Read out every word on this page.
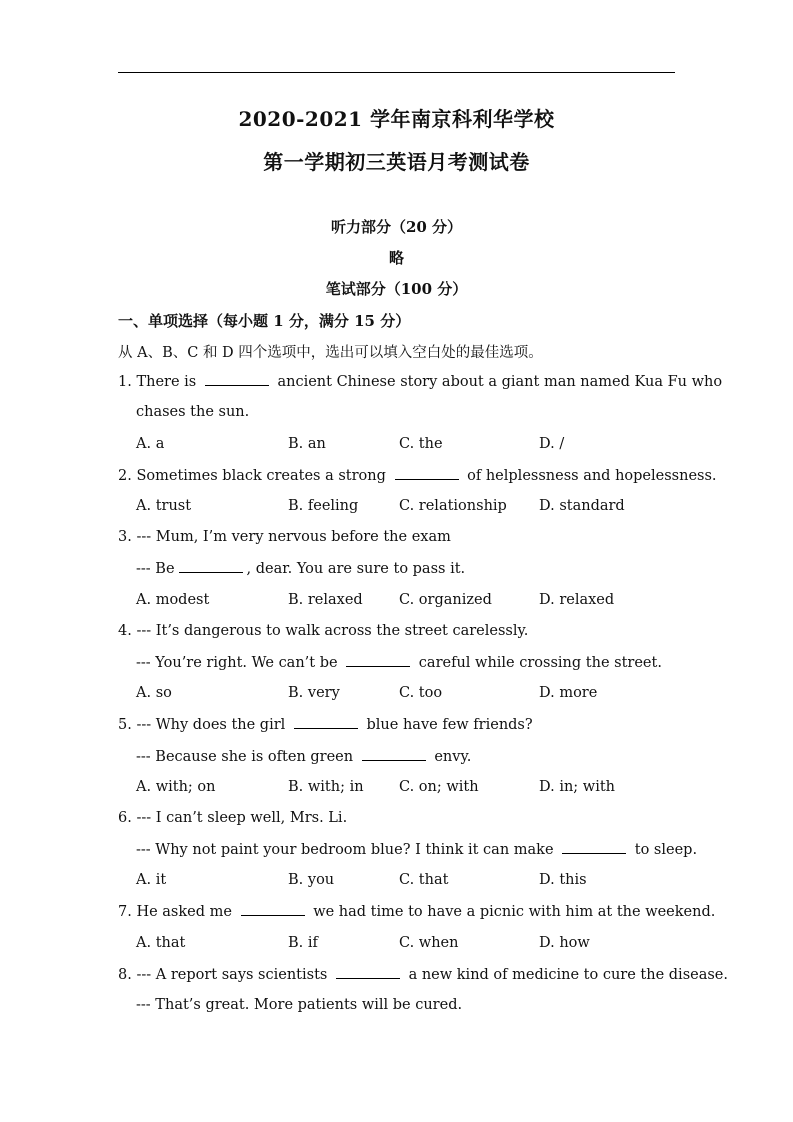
2020-2021 学年南京科利华学校
第一学期初三英语月考测试卷
听力部分（20 分）
略
笔试部分（100 分）
一、单项选择（每小题 1 分，满分 15 分）
从 A、B、C 和 D 四个选项中，选出可以填入空白处的最佳选项。
1. There is	ancient Chinese story about a giant man named Kua Fu who
chases the sun.
A. a	B. an	C. the	D. /
2. Sometimes black creates a strong	of helplessness and hopelessness.
A. trust	B. feeling	C. relationship D. standard
3. --- Mum, I’m very nervous before the exam
--- Be	, dear. You are sure to pass it.
A. modest	B. relaxed	C. organized	D. relaxed
4. --- It’s dangerous to walk across the street carelessly.
--- You’re right. We can’t be	careful while crossing the street.
A. so	B. very	C. too	D. more
5. --- Why does the girl	blue have few friends?
--- Because she is often green	envy.
A. with; on	B. with; in C. on; with	D. in; with
6. --- I can’t sleep well, Mrs. Li.
--- Why not paint your bedroom blue? I think it can make	to sleep.
A. it	B. you	C. that	D. this
7. He asked me	we had time to have a picnic with him at the weekend.
A. that	B. if	C. when	D. how
8. --- A report says scientists	a new kind of medicine to cure the disease.
--- That’s great. More patients will be cured.
